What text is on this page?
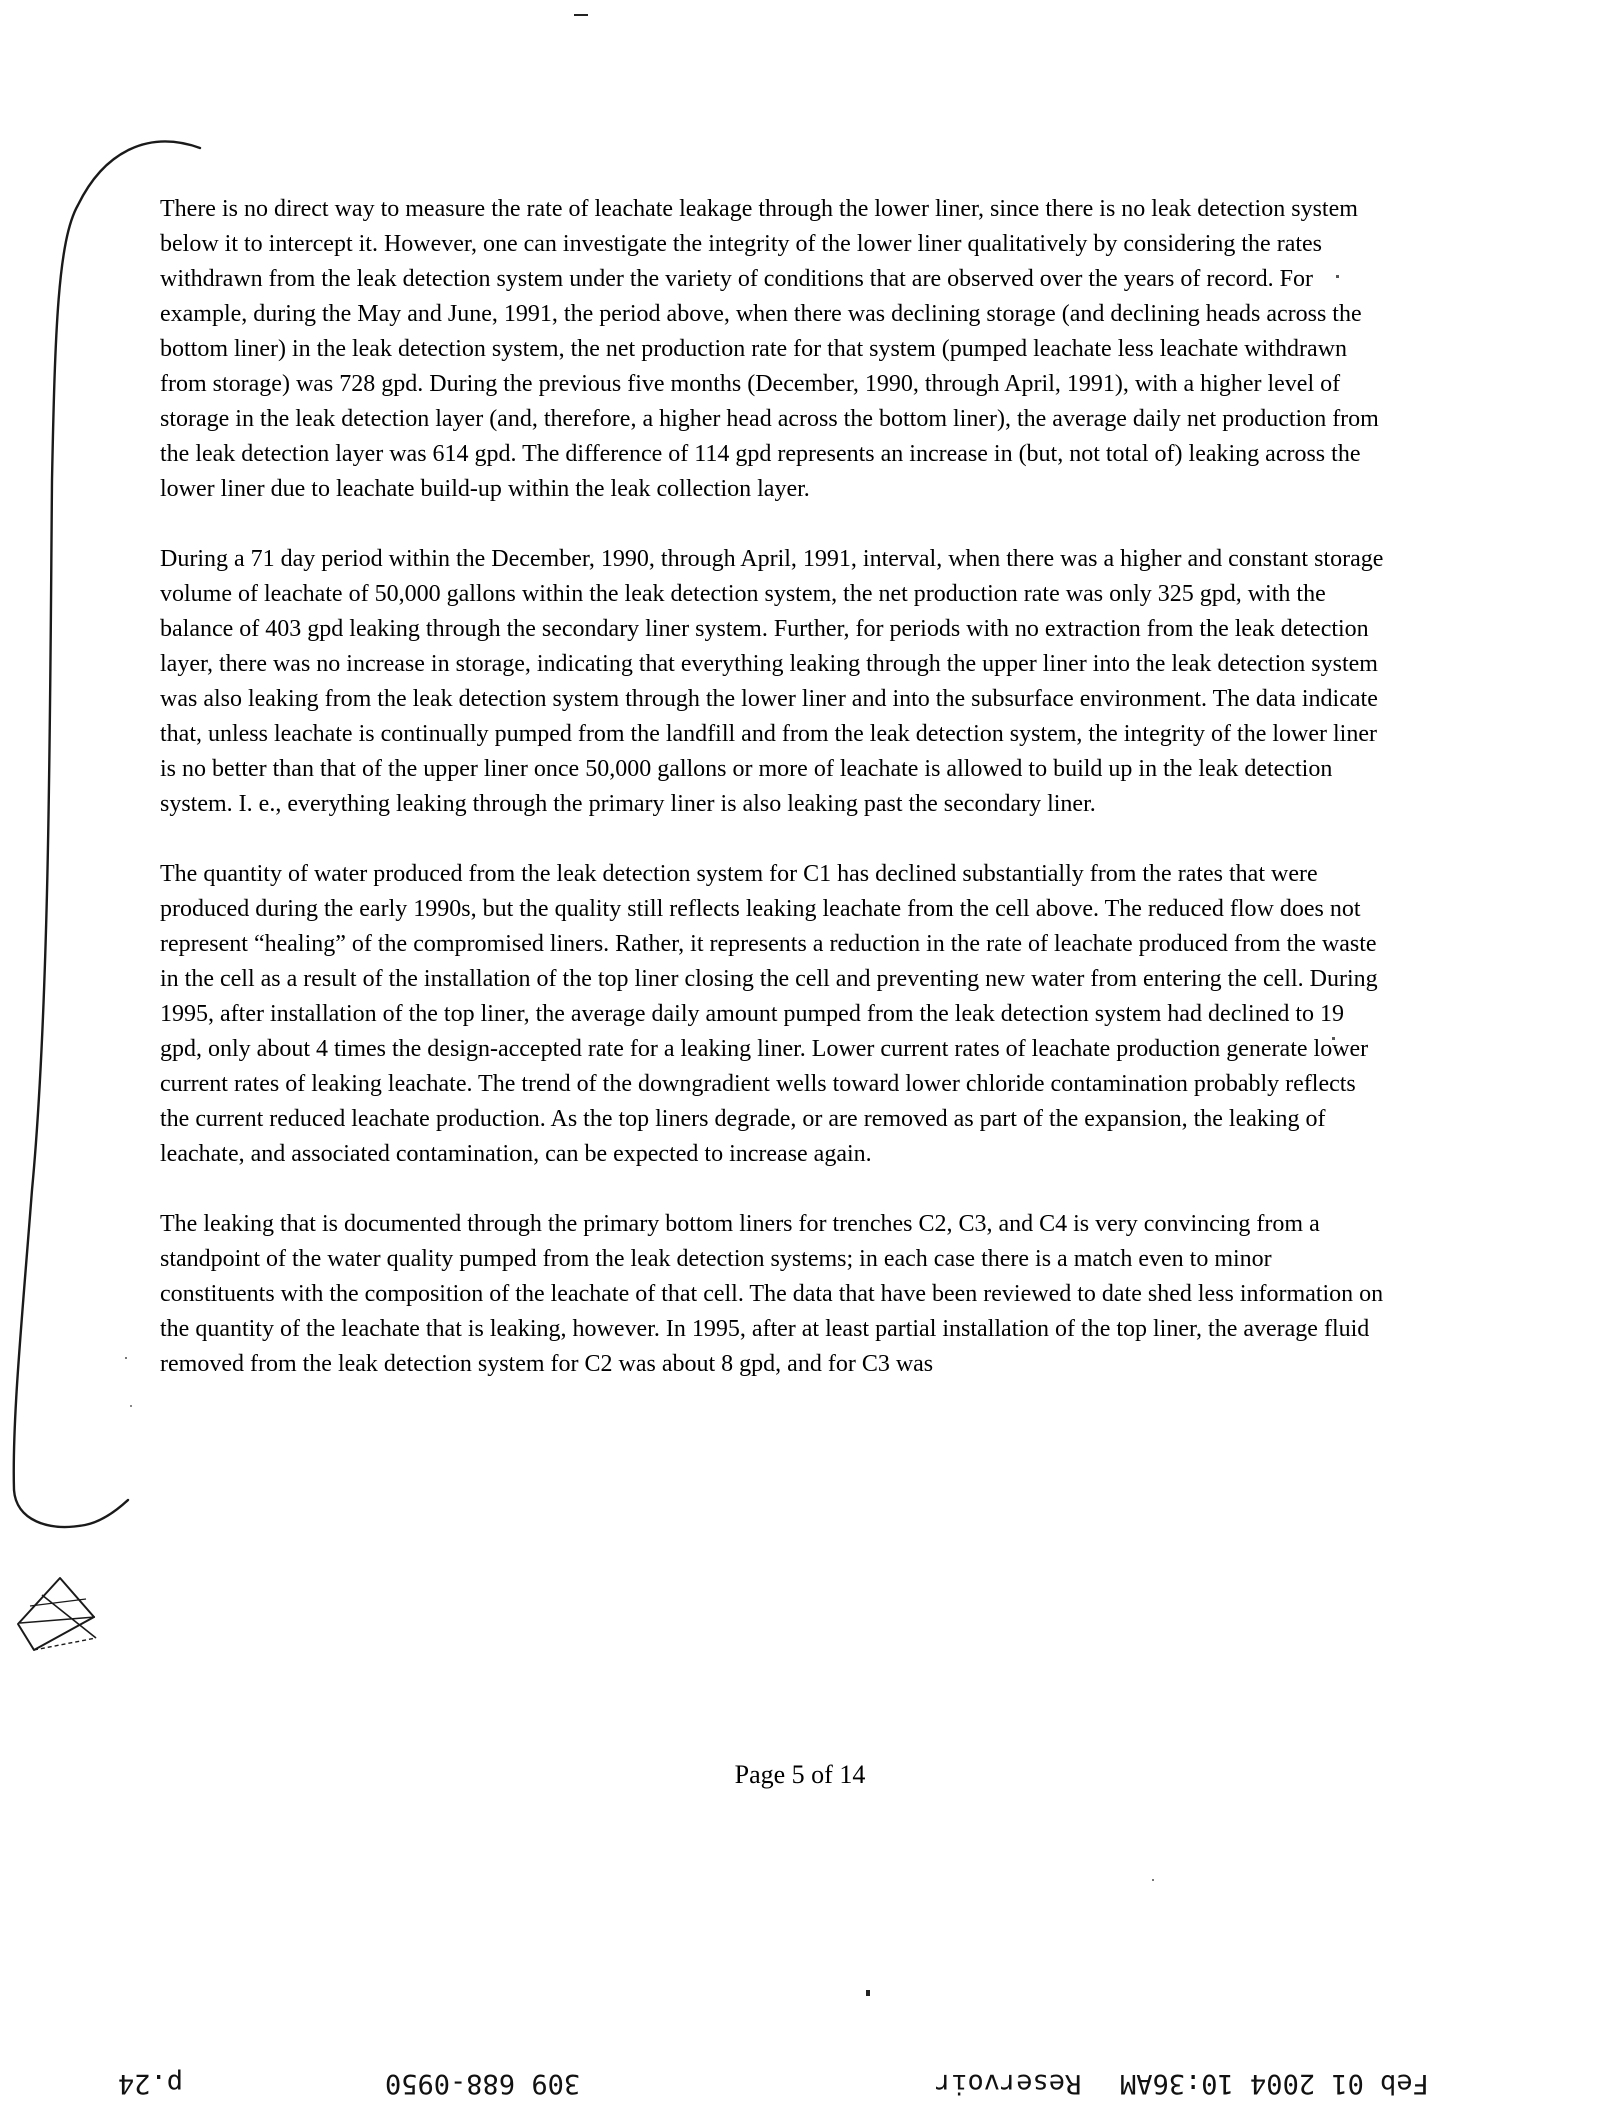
There is no direct way to measure the rate of leachate leakage through the lower liner, since there is no leak detection system below it to intercept it. However, one can investigate the integrity of the lower liner qualitatively by considering the rates withdrawn from the leak detection system under the variety of conditions that are observed over the years of record. For example, during the May and June, 1991, the period above, when there was declining storage (and declining heads across the bottom liner) in the leak detection system, the net production rate for that system (pumped leachate less leachate withdrawn from storage) was 728 gpd. During the previous five months (December, 1990, through April, 1991), with a higher level of storage in the leak detection layer (and, therefore, a higher head across the bottom liner), the average daily net production from the leak detection layer was 614 gpd. The difference of 114 gpd represents an increase in (but, not total of) leaking across the lower liner due to leachate build-up within the leak collection layer.

During a 71 day period within the December, 1990, through April, 1991, interval, when there was a higher and constant storage volume of leachate of 50,000 gallons within the leak detection system, the net production rate was only 325 gpd, with the balance of 403 gpd leaking through the secondary liner system. Further, for periods with no extraction from the leak detection layer, there was no increase in storage, indicating that everything leaking through the upper liner into the leak detection system was also leaking from the leak detection system through the lower liner and into the subsurface environment. The data indicate that, unless leachate is continually pumped from the landfill and from the leak detection system, the integrity of the lower liner is no better than that of the upper liner once 50,000 gallons or more of leachate is allowed to build up in the leak detection system. I. e., everything leaking through the primary liner is also leaking past the secondary liner.

The quantity of water produced from the leak detection system for C1 has declined substantially from the rates that were produced during the early 1990s, but the quality still reflects leaking leachate from the cell above. The reduced flow does not represent “healing” of the compromised liners. Rather, it represents a reduction in the rate of leachate produced from the waste in the cell as a result of the installation of the top liner closing the cell and preventing new water from entering the cell. During 1995, after installation of the top liner, the average daily amount pumped from the leak detection system had declined to 19 gpd, only about 4 times the design-accepted rate for a leaking liner. Lower current rates of leachate production generate lower current rates of leaking leachate. The trend of the downgradient wells toward lower chloride contamination probably reflects the current reduced leachate production. As the top liners degrade, or are removed as part of the expansion, the leaking of leachate, and associated contamination, can be expected to increase again.

The leaking that is documented through the primary bottom liners for trenches C2, C3, and C4 is very convincing from a standpoint of the water quality pumped from the leak detection systems; in each case there is a match even to minor constituents with the composition of the leachate of that cell. The data that have been reviewed to date shed less information on the quantity of the leachate that is leaking, however. In 1995, after at least partial installation of the top liner, the average fluid removed from the leak detection system for C2 was about 8 gpd, and for C3 was

Page 5 of 14
Feb 01 2004 10:36AM
Reservoir
309 688-0950
p.24
